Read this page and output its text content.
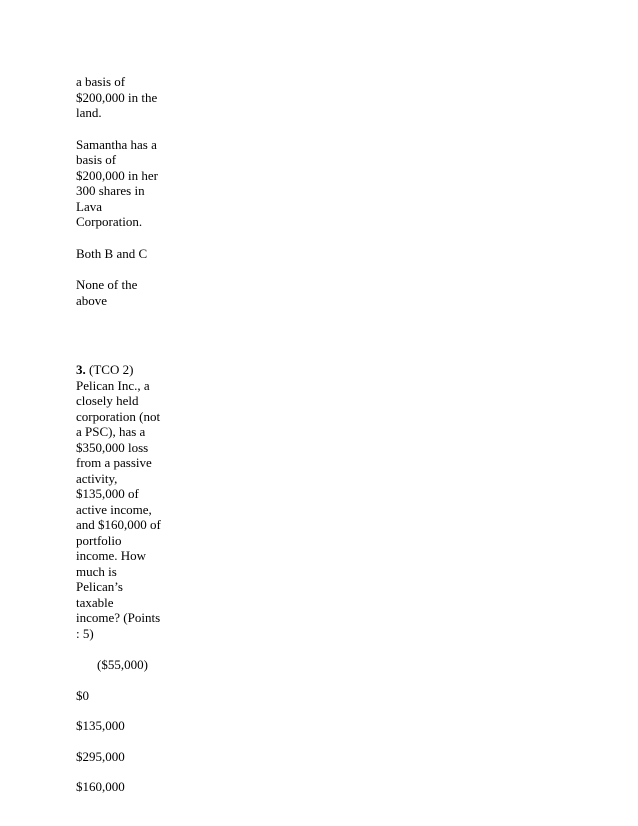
a basis of
$200,000 in the
land.

Samantha has a
basis of
$200,000 in her
300 shares in
Lava
Corporation.

Both B and C

None of the
above

3. (TCO 2)
Pelican Inc., a
closely held
corporation (not
a PSC), has a
$350,000 loss
from a passive
activity,
$135,000 of
active income,
and $160,000 of
portfolio
income. How
much is
Pelican’s
taxable
income? (Points
: 5)

($55,000)

$0

$135,000

$295,000

$160,000
